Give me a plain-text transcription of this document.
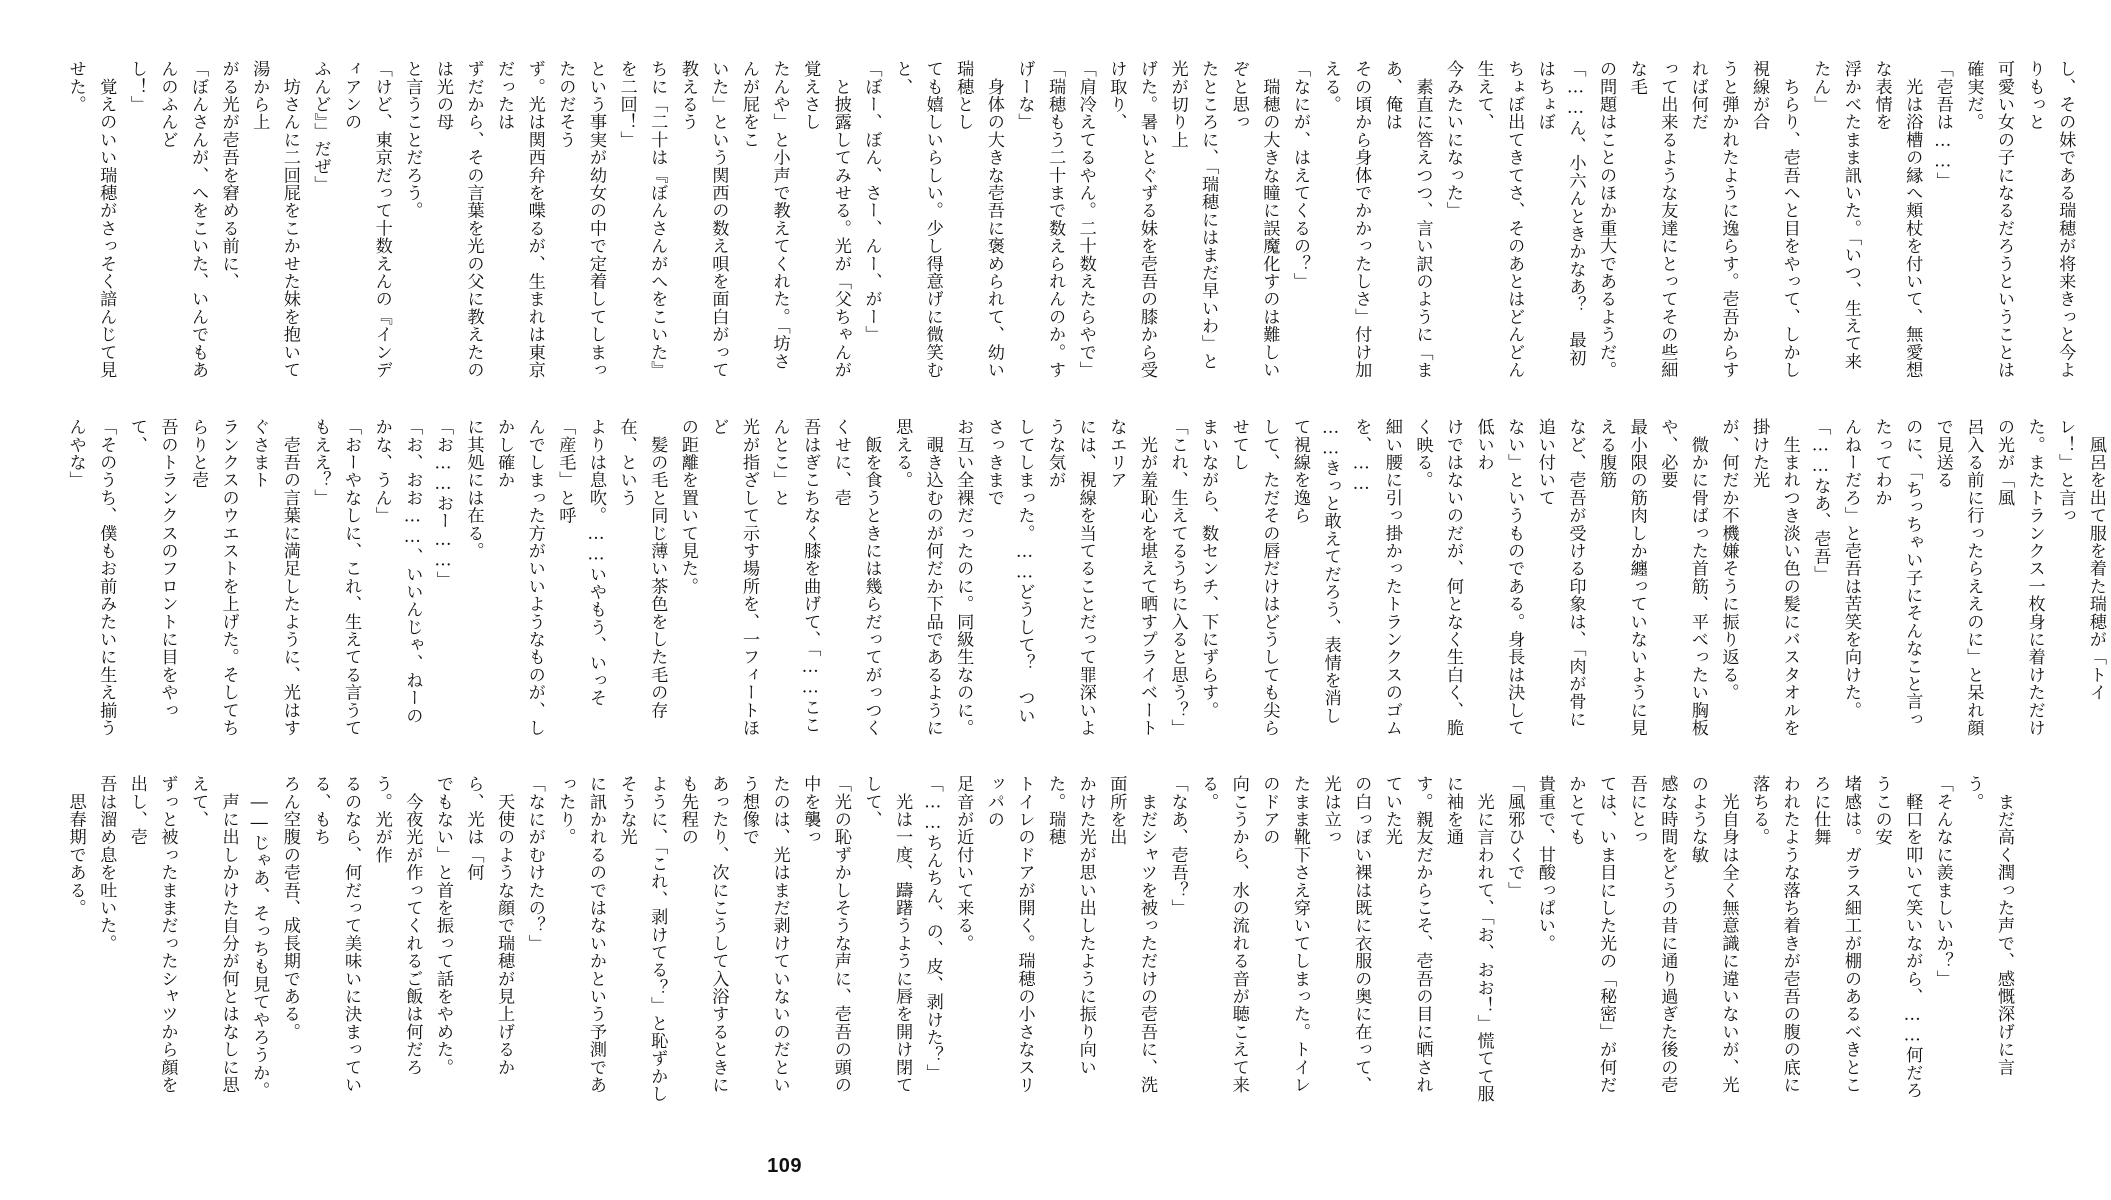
し、その妹である瑞穂が将来きっと今よりもっと

可愛い女の子になるだろうということは確実だ。

「壱吾は……」

　光は浴槽の縁へ頬杖を付いて、無愛想な表情を

浮かべたまま訊いた。「いつ、生えて来たん」

　ちらり、壱吾へと目をやって、しかし視線が合

うと弾かれたように逸らす。壱吾からすれば何だ

って出来るような友達にとってその些細な毛

の問題はことのほか重大であるようだ。

「……ん、小六んときかなあ？　最初はちょぼ

ちょぼ出てきてさ、そのあとはどんどん生えて、

今みたいになった」

　素直に答えつつ、言い訳のように「まあ、俺は

その頃から身体でかかったしさ」付け加える。

「なにが、はえてくるの？」

　瑞穂の大きな瞳に誤魔化すのは難しいぞと思っ

たところに、「瑞穂にはまだ早いわ」と光が切り上

げた。暑いとぐずる妹を壱吾の膝から受け取り、

「肩冷えてるやん。二十数えたらやで」

「瑞穂もう二十まで数えられんのか。すげーな」

　身体の大きな壱吾に褒められて、幼い瑞穂とし

ても嬉しいらしい。少し得意げに微笑むと、

「ぼー、ぼん、さー、んー、がー」

　と披露してみせる。光が「父ちゃんが覚えさし

たんや」と小声で教えてくれた。「坊さんが屁をこ

いた」という関西の数え唄を面白がって教えるう

ちに「二十は『ぼんさんがへをこいた』を二回！」

という事実が幼女の中で定着してしまったのだそう

ず。光は関西弁を喋るが、生まれは東京だったは

ずだから、その言葉を光の父に教えたのは光の母

と言うことだろう。

「けど、東京だって十数えんの『インディアンの

ふんど』」だぜ」

　坊さんに二回屁をこかせた妹を抱いて湯から上

がる光が壱吾を窘める前に、

「ぼんさんが、へをこいた、いんでもあんのふんど

し！」

　覚えのいい瑞穂がさっそく諳んじて見せた。

　風呂を出て服を着た瑞穂が「トイレ！」と言っ

た。またトランクス一枚身に着けただけの光が「風

呂入る前に行ったらええのに」と呆れ顔で見送る

のに、「ちっちゃい子にそんなこと言ったってわか

んねーだろ」と壱吾は苦笑を向けた。

「……なあ、壱吾」

　生まれつき淡い色の髪にバスタオルを掛けた光

が、何だか不機嫌そうに振り返る。

　微かに骨ばった首筋、平べったい胸板や、必要

最小限の筋肉しか纏っていないように見える腹筋

など、壱吾が受ける印象は、「肉が骨に追い付いて

ない」というものである。身長は決して低いわ

けではないのだが、何となく生白く、脆く映る。

細い腰に引っ掛かったトランクスのゴムを、……

……きっと敢えてだろう、表情を消して視線を逸ら

して、ただその唇だけはどうしても尖らせてし

まいながら、数センチ、下にずらす。

「これ、生えてるうちに入ると思う？」

　光が羞恥心を堪えて晒すプライベートなエリア

には、視線を当てることだって罪深いような気が

してしまった。……どうして？　ついさっきまで

お互い全裸だったのに。同級生なのに。

　覗き込むのが何だか下品であるように思える。

　飯を食うときには幾らだってがっつくくせに、壱

吾はぎこちなく膝を曲げて、「……ここんとこ」と

光が指ざして示す場所を、一フィートほど

の距離を置いて見た。

　髪の毛と同じ薄い茶色をした毛の存在、という

よりは息吹。……いやもう、いっそ「産毛」と呼

んでしまった方がいいようなものが、しかし確か

に其処には在る。

「お……おー……」

「お、おお……、いいんじゃ、ねーのかな、うん」

「おーやなしに、これ、生えてる言うてもええ？」

　壱吾の言葉に満足したように、光はすぐさまト

ランクスのウエストを上げた。そしてちらりと壱

吾のトランクスのフロントに目をやって、

「そのうち、僕もお前みたいに生え揃うんやな」

　まだ高く潤った声で、感慨深げに言う。

「そんなに羨ましいか？」

　軽口を叩いて笑いながら、……何だろうこの安

堵感は。ガラス細工が棚のあるべきところに仕舞

われたような落ち着きが壱吾の腹の底に落ちる。

　光自身は全く無意識に違いないが、光のような敏

感な時間をどうの昔に通り過ぎた後の壱吾にとっ

ては、いま目にした光の「秘密」が何だかとても

貴重で、甘酸っぱい。

「風邪ひくで」

　光に言われて、「お、おお！」慌てて服に袖を通

す。親友だからこそ、壱吾の目に晒されていた光

の白っぽい裸は既に衣服の奥に在って、光は立っ

たまま靴下さえ穿いてしまった。トイレのドアの

向こうから、水の流れる音が聴こえて来る。

「なあ、壱吾？」

　まだシャツを被っただけの壱吾に、洗面所を出

かけた光が思い出したように振り向いた。瑞穂

トイレのドアが開く。瑞穂の小さなスリッパの

足音が近付いて来る。

「……ちんちん、の、皮、剥けた？」

　光は一度、躊躇うように唇を開け閉てして、

「光の恥ずかしそうな声に、壱吾の頭の中を襲っ

たのは、光はまだ剥けていないのだという想像で

あったり、次にこうして入浴するときにも先程の

ように、「これ、剥けてる？」と恥ずかしそうな光

に訊かれるのではないかという予測であったり。

「なにがむけたの？」

　天使のような顔で瑞穂が見上げるから、光は「何

でもない」と首を振って話をやめた。

　今夜光が作ってくれるご飯は何だろう。光が作

るのなら、何だって美味いに決まっている、もち

ろん空腹の壱吾、成長期である。

　――じゃあ、そっちも見てやろうか。

　声に出しかけた自分が何とはなしに思えて、

ずっと被ったままだったシャツから顔を出し、壱

吾は溜め息を吐いた。

　思春期である。

109
